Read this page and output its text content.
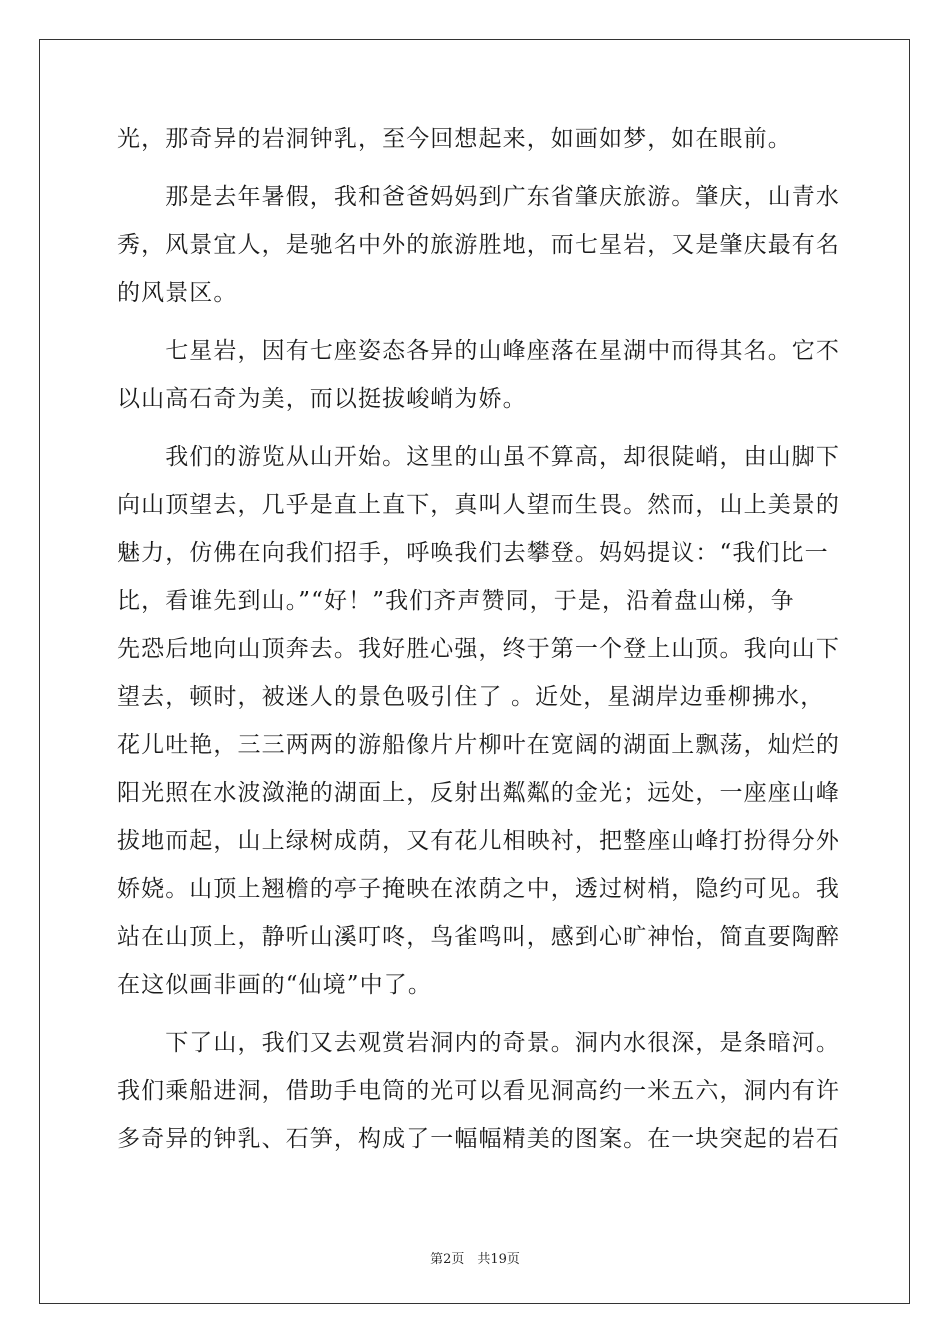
光，那奇异的岩洞钟乳，至今回想起来，如画如梦，如在眼前。
　　那是去年暑假，我和爸爸妈妈到广东省肇庆旅游。肇庆，山青水
秀，风景宜人，是驰名中外的旅游胜地，而七星岩，又是肇庆最有名
的风景区。
　　七星岩，因有七座姿态各异的山峰座落在星湖中而得其名。它不
以山高石奇为美，而以挺拔峻峭为娇。
　　我们的游览从山开始。这里的山虽不算高，却很陡峭，由山脚下
向山顶望去，几乎是直上直下，真叫人望而生畏。然而，山上美景的
魅力，仿佛在向我们招手，呼唤我们去攀登。妈妈提议：“我们比一
比，看谁先到山。”“好！”我们齐声赞同，于是，沿着盘山梯，争
先恐后地向山顶奔去。我好胜心强，终于第一个登上山顶。我向山下
望去，顿时，被迷人的景色吸引住了 。近处，星湖岸边垂柳拂水，
花儿吐艳，三三两两的游船像片片柳叶在宽阔的湖面上飘荡，灿烂的
阳光照在水波潋滟的湖面上，反射出粼粼的金光；远处，一座座山峰
拔地而起，山上绿树成荫，又有花儿相映衬，把整座山峰打扮得分外
娇娆。山顶上翘檐的亭子掩映在浓荫之中，透过树梢，隐约可见。我
站在山顶上，静听山溪叮咚，鸟雀鸣叫，感到心旷神怡，简直要陶醉
在这似画非画的“仙境”中了。
　　下了山，我们又去观赏岩洞内的奇景。洞内水很深，是条暗河。
我们乘船进洞，借助手电筒的光可以看见洞高约一米五六，洞内有许
多奇异的钟乳、石笋，构成了一幅幅精美的图案。在一块突起的岩石
第2页　共19页
